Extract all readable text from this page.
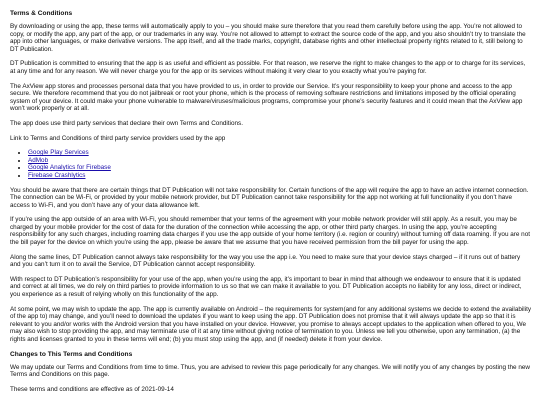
Terms & Conditions

By downloading or using the app, these terms will automatically apply to you – you should make sure therefore that you read them carefully before using the app. You’re not allowed to copy, or modify the app, any part of the app, or our trademarks in any way. You’re not allowed to attempt to extract the source code of the app, and you also shouldn’t try to translate the app into other languages, or make derivative versions. The app itself, and all the trade marks, copyright, database rights and other intellectual property rights related to it, still belong to DT Publication.

DT Publication is committed to ensuring that the app is as useful and efficient as possible. For that reason, we reserve the right to make changes to the app or to charge for its services, at any time and for any reason. We will never charge you for the app or its services without making it very clear to you exactly what you’re paying for.

The AxView app stores and processes personal data that you have provided to us, in order to provide our Service. It’s your responsibility to keep your phone and access to the app secure. We therefore recommend that you do not jailbreak or root your phone, which is the process of removing software restrictions and limitations imposed by the official operating system of your device. It could make your phone vulnerable to malware/viruses/malicious programs, compromise your phone’s security features and it could mean that the AxView app won’t work properly or at all.

The app does use third party services that declare their own Terms and Conditions.

Link to Terms and Conditions of third party service providers used by the app

• Google Play Services
• AdMob
• Google Analytics for Firebase
• Firebase Crashlytics

You should be aware that there are certain things that DT Publication will not take responsibility for. Certain functions of the app will require the app to have an active internet connection. The connection can be Wi-Fi, or provided by your mobile network provider, but DT Publication cannot take responsibility for the app not working at full functionality if you don’t have access to Wi-Fi, and you don’t have any of your data allowance left.

If you’re using the app outside of an area with Wi-Fi, you should remember that your terms of the agreement with your mobile network provider will still apply. As a result, you may be charged by your mobile provider for the cost of data for the duration of the connection while accessing the app, or other third party charges. In using the app, you’re accepting responsibility for any such charges, including roaming data charges if you use the app outside of your home territory (i.e. region or country) without turning off data roaming. If you are not the bill payer for the device on which you’re using the app, please be aware that we assume that you have received permission from the bill payer for using the app.

Along the same lines, DT Publication cannot always take responsibility for the way you use the app i.e. You need to make sure that your device stays charged – if it runs out of battery and you can’t turn it on to avail the Service, DT Publication cannot accept responsibility.

With respect to DT Publication’s responsibility for your use of the app, when you’re using the app, it’s important to bear in mind that although we endeavour to ensure that it is updated and correct at all times, we do rely on third parties to provide information to us so that we can make it available to you. DT Publication accepts no liability for any loss, direct or indirect, you experience as a result of relying wholly on this functionality of the app.

At some point, we may wish to update the app. The app is currently available on Android – the requirements for system(and for any additional systems we decide to extend the availability of the app to) may change, and you’ll need to download the updates if you want to keep using the app. DT Publication does not promise that it will always update the app so that it is relevant to you and/or works with the Android version that you have installed on your device. However, you promise to always accept updates to the application when offered to you, We may also wish to stop providing the app, and may terminate use of it at any time without giving notice of termination to you. Unless we tell you otherwise, upon any termination, (a) the rights and licenses granted to you in these terms will end; (b) you must stop using the app, and (if needed) delete it from your device.

Changes to This Terms and Conditions

We may update our Terms and Conditions from time to time. Thus, you are advised to review this page periodically for any changes. We will notify you of any changes by posting the new Terms and Conditions on this page.

These terms and conditions are effective as of 2021-09-14
